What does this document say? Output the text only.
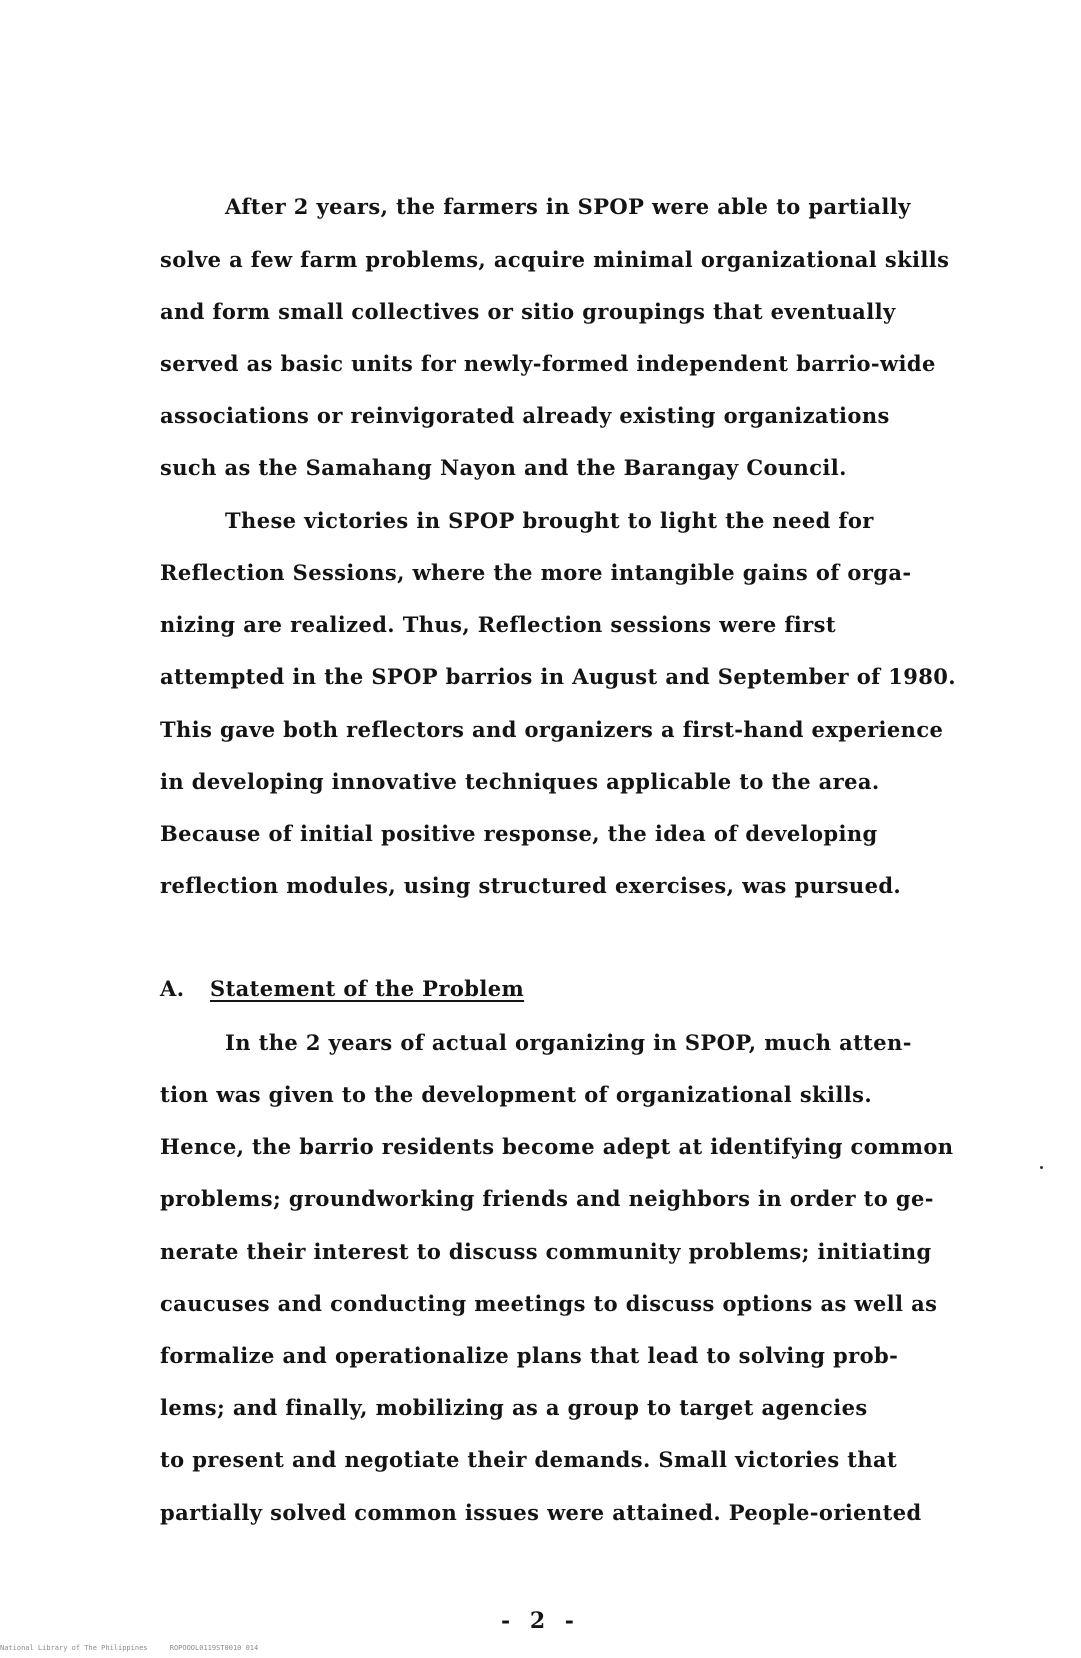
After 2 years, the farmers in SPOP were able to partially
solve a few farm problems, acquire minimal organizational skills
and form small collectives or sitio groupings that eventually
served as basic units for newly-formed independent barrio-wide
associations or reinvigorated already existing organizations
such as the Samahang Nayon and the Barangay Council.
These victories in SPOP brought to light the need for
Reflection Sessions, where the more intangible gains of orga-
nizing are realized. Thus, Reflection sessions were first
attempted in the SPOP barrios in August and September of 1980.
This gave both reflectors and organizers a first-hand experience
in developing innovative techniques applicable to the area.
Because of initial positive response, the idea of developing
reflection modules, using structured exercises, was pursued.
A. Statement of the Problem
In the 2 years of actual organizing in SPOP, much atten-
tion was given to the development of organizational skills.
Hence, the barrio residents become adept at identifying common
problems; groundworking friends and neighbors in order to ge-
nerate their interest to discuss community problems; initiating
caucuses and conducting meetings to discuss options as well as
formalize and operationalize plans that lead to solving prob-
lems; and finally, mobilizing as a group to target agencies
to present and negotiate their demands. Small victories that
partially solved common issues were attained. People-oriented
- 2 -
National Library of The Philippines	ROPOOOL0119ST0010 014
